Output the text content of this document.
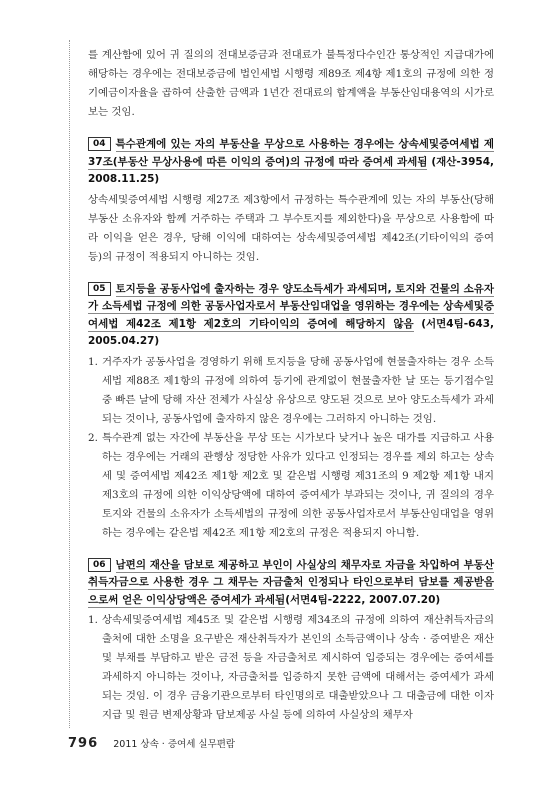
를 계산함에 있어 귀 질의의 전대보증금과 전대료가 불특정다수인간 통상적인 지급대가에 해당하는 경우에는 전대보증금에 법인세법 시행령 제89조 제4항 제1호의 규정에 의한 정기예금이자율을 곱하여 산출한 금액과 1년간 전대료의 합계액을 부동산임대용역의 시가로 보는 것임.

04 특수관계에 있는 자의 부동산을 무상으로 사용하는 경우에는 상속세및증여세법 제37조(부동산 무상사용에 따른 이익의 증여)의 규정에 따라 증여세 과세됨 (재산-3954, 2008.11.25)

상속세및증여세법 시행령 제27조 제3항에서 규정하는 특수관계에 있는 자의 부동산(당해 부동산 소유자와 함께 거주하는 주택과 그 부수토지를 제외한다)을 무상으로 사용함에 따라 이익을 얻은 경우, 당해 이익에 대하여는 상속세및증여세법 제42조(기타이익의 증여 등)의 규정이 적용되지 아니하는 것임.

05 토지등을 공동사업에 출자하는 경우 양도소득세가 과세되며, 토지와 건물의 소유자가 소득세법 규정에 의한 공동사업자로서 부동산임대업을 영위하는 경우에는 상속세및증여세법 제42조 제1항 제2호의 기타이익의 증여에 해당하지 않음 (서면4팀-643, 2005.04.27)
1. 거주자가 공동사업을 경영하기 위해 토지등을 당해 공동사업에 현물출자하는 경우 소득세법 제88조 제1항의 규정에 의하여 등기에 관계없이 현물출자한 날 또는 등기접수일 중 빠른 날에 당해 자산 전체가 사실상 유상으로 양도된 것으로 보아 양도소득세가 과세되는 것이나, 공동사업에 출자하지 않은 경우에는 그러하지 아니하는 것임.
2. 특수관계 없는 자간에 부동산을 무상 또는 시가보다 낮거나 높은 대가를 지급하고 사용하는 경우에는 거래의 관행상 정당한 사유가 있다고 인정되는 경우를 제외 하고는 상속세 및 증여세법 제42조 제1항 제2호 및 같은법 시행령 제31조의 9 제2항 제1항 내지 제3호의 규정에 의한 이익상당액에 대하여 증여세가 부과되는 것이나, 귀 질의의 경우 토지와 건물의 소유자가 소득세법의 규정에 의한 공동사업자로서 부동산임대업을 영위하는 경우에는 같은법 제42조 제1항 제2호의 규정은 적용되지 아니함.
06 남편의 재산을 담보로 제공하고 부인이 사실상의 채무자로 자금을 차입하여 부동산취득자금으로 사용한 경우 그 채무는 자금출처 인정되나 타인으로부터 담보를 제공받음으로써 얻은 이익상당액은 증여세가 과세됨(서면4팀-2222, 2007.07.20)
1. 상속세및증여세법 제45조 및 같은법 시행령 제34조의 규정에 의하여 재산취득자금의 출처에 대한 소명을 요구받은 재산취득자가 본인의 소득금액이나 상속 · 증여받은 재산 및 부채를 부담하고 받은 금전 등을 자금출처로 제시하여 입증되는 경우에는 증여세를 과세하지 아니하는 것이나, 자금출처를 입증하지 못한 금액에 대해서는 증여세가 과세되는 것임. 이 경우 금융기관으로부터 타인명의로 대출받았으나 그 대출금에 대한 이자지급 및 원금 변제상황과 담보제공 사실 등에 의하여 사실상의 채무자
796 2011 상속 · 증여세 실무편람
